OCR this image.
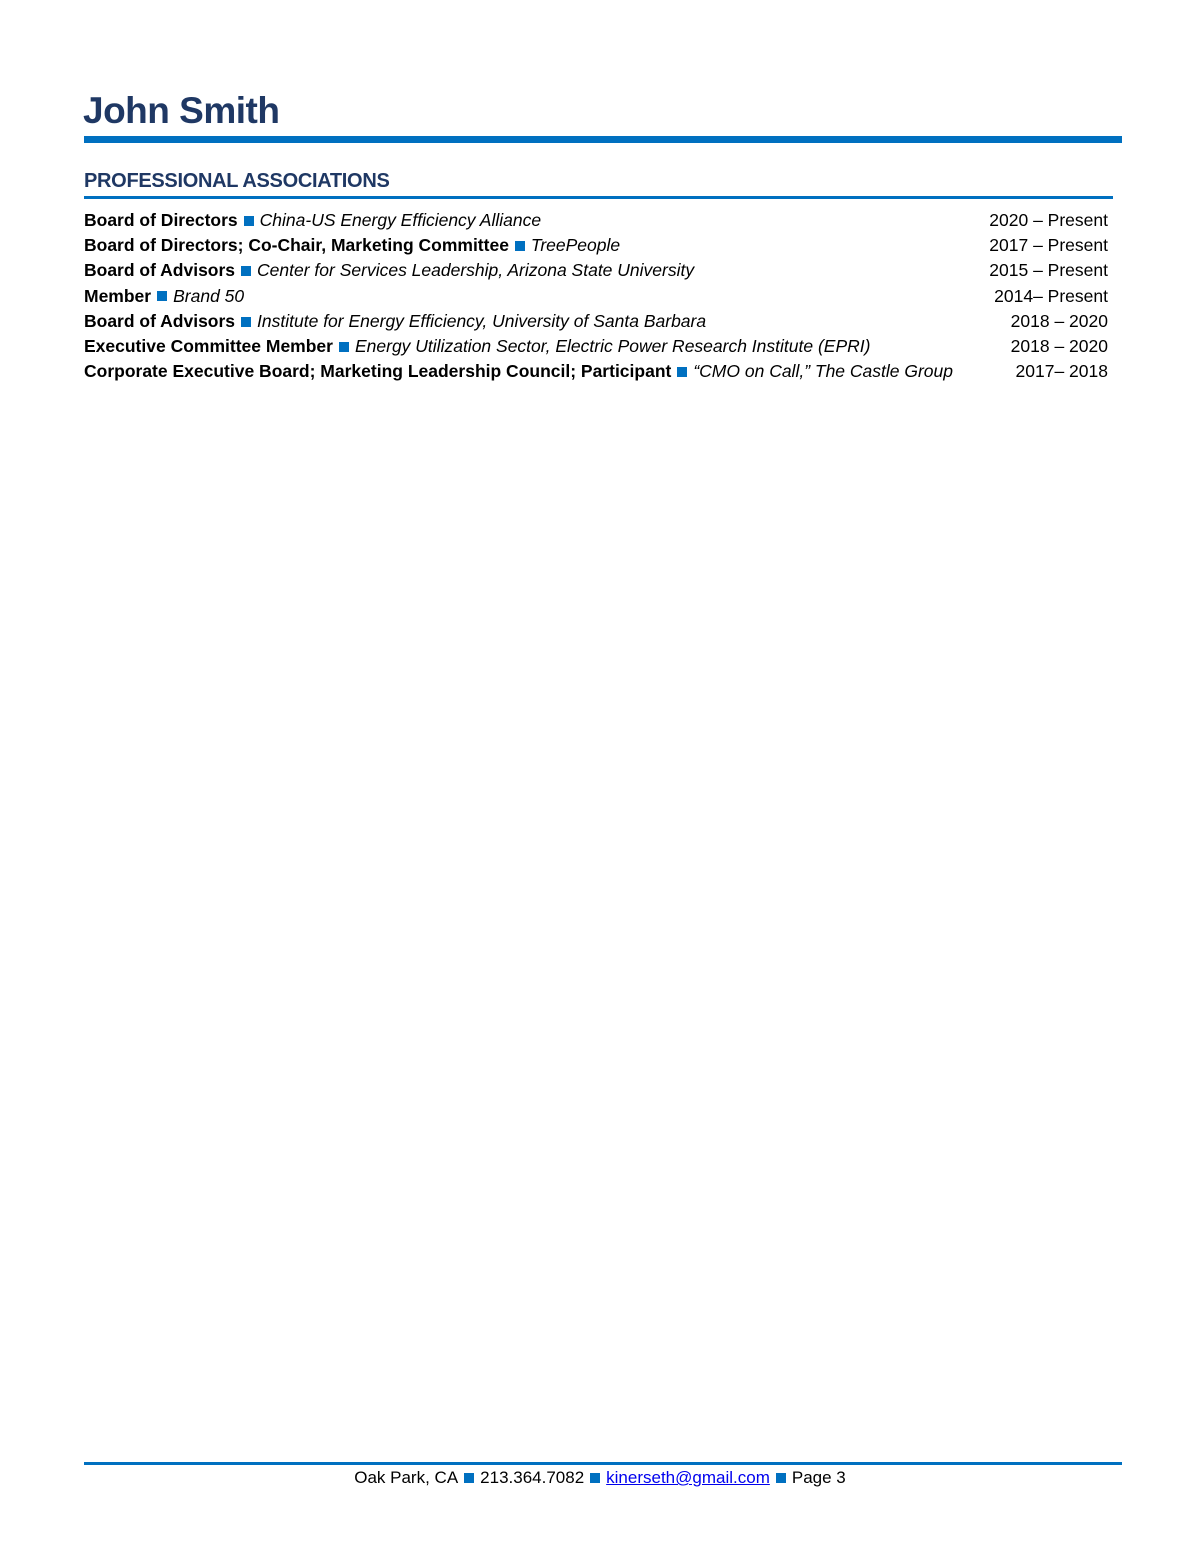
John Smith
PROFESSIONAL ASSOCIATIONS
Board of Directors China-US Energy Efficiency Alliance	2020 – Present
Board of Directors; Co-Chair, Marketing Committee TreePeople	2017 – Present
Board of Advisors Center for Services Leadership, Arizona State University	2015 – Present
Member Brand 50	2014– Present
Board of Advisors Institute for Energy Efficiency, University of Santa Barbara	2018 – 2020
Executive Committee Member Energy Utilization Sector, Electric Power Research Institute (EPRI)	2018 – 2020
Corporate Executive Board; Marketing Leadership Council; Participant “CMO on Call,” The Castle Group	2017– 2018
Oak Park, CA 213.364.7082 kinerseth@gmail.com Page 3
